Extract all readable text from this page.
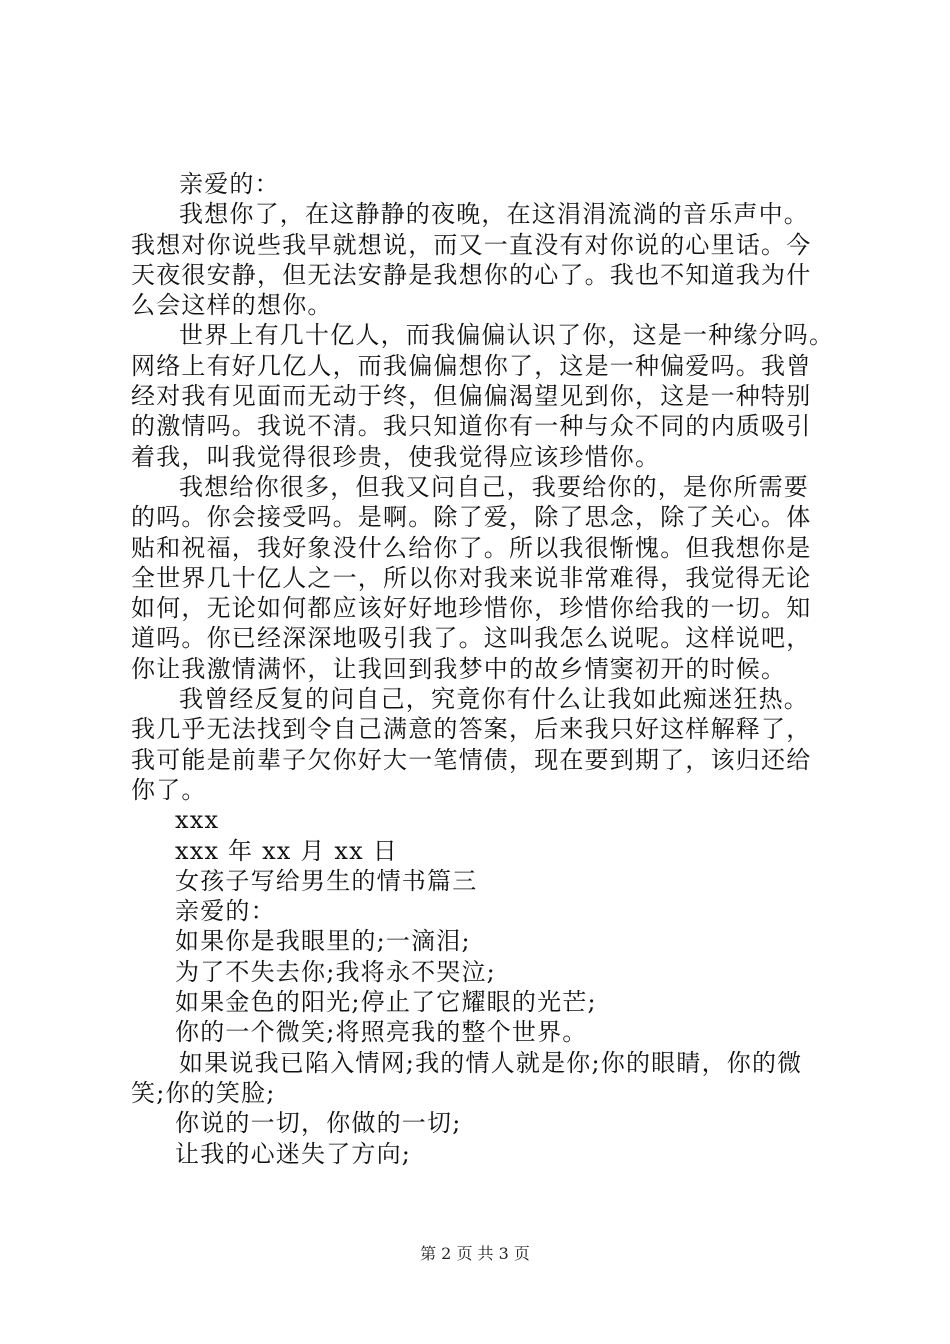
亲爱的：
我想你了，在这静静的夜晚，在这涓涓流淌的音乐声中。
我想对你说些我早就想说，而又一直没有对你说的心里话。今
天夜很安静，但无法安静是我想你的心了。我也不知道我为什
么会这样的想你。
世界上有几十亿人，而我偏偏认识了你，这是一种缘分吗。
网络上有好几亿人，而我偏偏想你了，这是一种偏爱吗。我曾
经对我有见面而无动于终，但偏偏渴望见到你，这是一种特别
的激情吗。我说不清。我只知道你有一种与众不同的内质吸引
着我，叫我觉得很珍贵，使我觉得应该珍惜你。
我想给你很多，但我又问自己，我要给你的，是你所需要
的吗。你会接受吗。是啊。除了爱，除了思念，除了关心。体
贴和祝福，我好象没什么给你了。所以我很惭愧。但我想你是
全世界几十亿人之一，所以你对我来说非常难得，我觉得无论
如何，无论如何都应该好好地珍惜你，珍惜你给我的一切。知
道吗。你已经深深地吸引我了。这叫我怎么说呢。这样说吧，
你让我激情满怀，让我回到我梦中的故乡情窦初开的时候。
我曾经反复的问自己，究竟你有什么让我如此痴迷狂热。
我几乎无法找到令自己满意的答案，后来我只好这样解释了，
我可能是前辈子欠你好大一笔情债，现在要到期了，该归还给
你了。
xxx
xxx 年 xx 月 xx 日
女孩子写给男生的情书篇三
亲爱的：
如果你是我眼里的;一滴泪;
为了不失去你;我将永不哭泣;
如果金色的阳光;停止了它耀眼的光芒;
你的一个微笑;将照亮我的整个世界。
如果说我已陷入情网;我的情人就是你;你的眼睛，你的微
笑;你的笑脸;
你说的一切，你做的一切;
让我的心迷失了方向;
第 2 页 共 3 页
